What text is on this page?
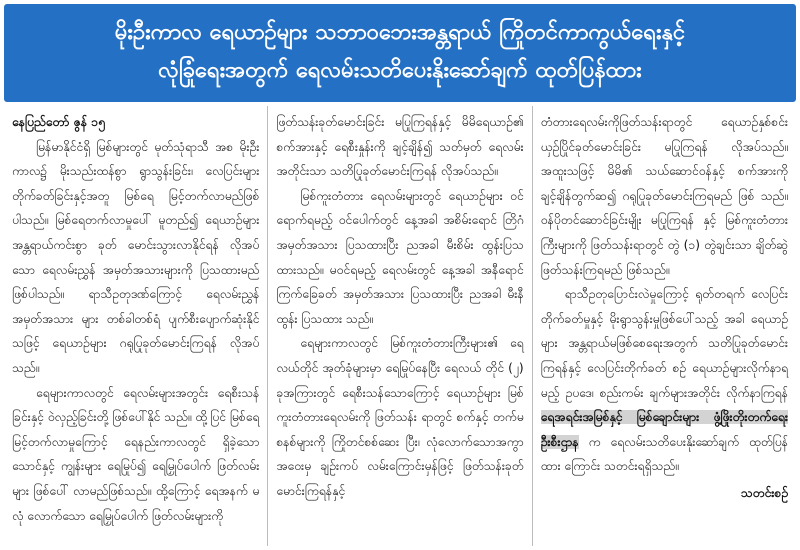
မိုးဦးကာလ ရေယာဉ်များ သဘာဝဘေးအန္တရာယ် ကြိုတင်ကာကွယ်ရေးနှင့်
လုံခြုံရေးအတွက် ရေလမ်းသတိပေးနိုးဆော်ချက် ထုတ်ပြန်ထား
နေပြည်တော် ဇွန် ၁၅

မြန်မာနိုင်ငံရှိ မြစ်များတွင် မုတ်သုံရာသီ အစ မိုးဦးကာလ၌ မိုးသည်းထန်စွာ ရွာသွန်းခြင်း၊ လေပြင်းများ တိုက်ခတ်ခြင်းနှင့်အတူ မြစ်ရေ မြင့်တက်လာမည်ဖြစ်ပါသည်။ မြစ်ရေတက်လာမှုပေါ် မူတည်၍ ရေယာဉ်များ အန္တရာယ်ကင်းစွာ ခုတ် မောင်းသွားလာနိုင်ရန် လိုအပ်သော ရေလမ်းညွှန် အမှတ်အသားများကို ပြသထားမည်ဖြစ်ပါသည်။ ရာသီဥတုဒဏ်ကြောင့် ရေလမ်းညွှန် အမှတ်အသား များ တစ်ခါတစ်ရံ ပျက်စီးပျောက်ဆုံးနိုင်သဖြင့် ရေယာဉ်များ ဂရုပြုခုတ်မောင်းကြရန် လိုအပ်သည်။

ရေများကာလတွင် ရေလမ်းများအတွင်း ရေစီးသန်ခြင်းနှင့် ဝဲလှည့်ခြင်းတို့ ဖြစ်ပေါ်နိုင် သည်။ ထို့ပြင် မြစ်ရေ မြင့်တက်လာမှုကြောင့် ရေနည်းကာလတွင် ရှိခဲ့သော သောင်နှင့် ကျွန်းများ ရေမြုပ်၍ ရေမြှုပ်ပေါက် ဖြတ်လမ်းများ ဖြစ်ပေါ် လာမည်ဖြစ်သည်။ ထို့ကြောင့် ရေအနက် မလုံ လောက်သော ရေမြှုပ်ပေါက် ဖြတ်လမ်းများကို

ဖြတ်သန်းခုတ်မောင်းခြင်း မပြုကြရန်နှင့် မိမိရေယာဉ်၏ စက်အားနှင့် ရေစီးနှုန်းကို ချင့်ချိန်၍ သတ်မှတ် ရေလမ်းအတိုင်းသာ သတိပြုခုတ်မောင်းကြရန် လိုအပ်သည်။

မြစ်ကူးတံတား ရေလမ်းများတွင် ရေယာဉ်များ ဝင်ရောက်ရမည့် ဝင်ပေါက်တွင် နေ့အခါ အစိမ်းရောင် တြိဂံအမှတ်အသား ပြသထားပြီး ညအခါ မီးစိမ်း ထွန်းပြသထားသည်။ မဝင်ရမည့် ရေလမ်းတွင် နေ့အခါ အနီရောင်ကြက်ခြေခတ် အမှတ်အသား ပြသထားပြီး ညအခါ မီးနီထွန်း ပြသထား သည်။

ရေများကာလတွင် မြစ်ကူးတံတားကြီးများ၏ ရေလယ်တိုင် အုတ်ခုံများမှာ ရေမြုပ်နေပြီး ရေလယ် တိုင် (၂) ခုအကြားတွင် ရေစီးသန်သောကြောင့် ရေယာဉ်များ မြစ်ကူးတံတားရေလမ်းကို ဖြတ်သန်း ရာတွင် စက်နှင့် တက်မစနစ်များကို ကြိုတင်စစ်ဆေး ပြီး၊ လုံလောက်သောအကွာအဝေးမှ ချဉ်းကပ် လမ်းကြောင်းမှန်ဖြင့် ဖြတ်သန်းခုတ်မောင်းကြရန်နှင့်

တံတားရေလမ်းကိုဖြတ်သန်းရာတွင် ရေယာဉ်နှစ်စင်း ယှဉ်ပြိုင်ခုတ်မောင်းခြင်း မပြုကြရန် လိုအပ်သည်။ အထူးသဖြင့် မိမိ၏ သယ်ဆောင်ဝန်နှင့် စက်အားကို ချင့်ချိန်တွက်ဆ၍ ဂရုပြုခုတ်မောင်းကြရမည် ဖြစ် သည်။ ဝန်ပိုတင်ဆောင်ခြင်းမျိုး မပြုကြရန် နှင့် မြစ်ကူးတံတားကြီးများကို ဖြတ်သန်းရာတွင် တွဲ (၁) တွဲချင်းသာ ချိတ်ဆွဲဖြတ်သန်းကြရမည် ဖြစ်သည်။

ရာသီဥတုပြောင်းလဲမှုကြောင့် ရုတ်တရက် လေပြင်းတိုက်ခတ်မှုနှင့် မိုးရွာသွန်းမှုဖြစ်ပေါ်သည့် အခါ ရေယာဉ်များ အန္တရာယ်မဖြစ်စေရေးအတွက် သတိပြုခုတ်မောင်းကြရန်နှင့် လေပြင်းတိုက်ခတ် စဉ် ရေယာဉ်များလိုက်နာရမည့် ဥပဒေ၊ စည်းကမ်း ချက်များအတိုင်း လိုက်နာကြရန် ရေအရင်းအမြစ်နှင့် မြစ်ချောင်းများ ဖွံ့ဖြိုးတိုးတက်ရေးဦးစီးဌာန က ရေလမ်းသတိပေးနိုးဆော်ချက် ထုတ်ပြန်ထား ကြောင်း သတင်းရရှိသည်။

သတင်းစဉ်
